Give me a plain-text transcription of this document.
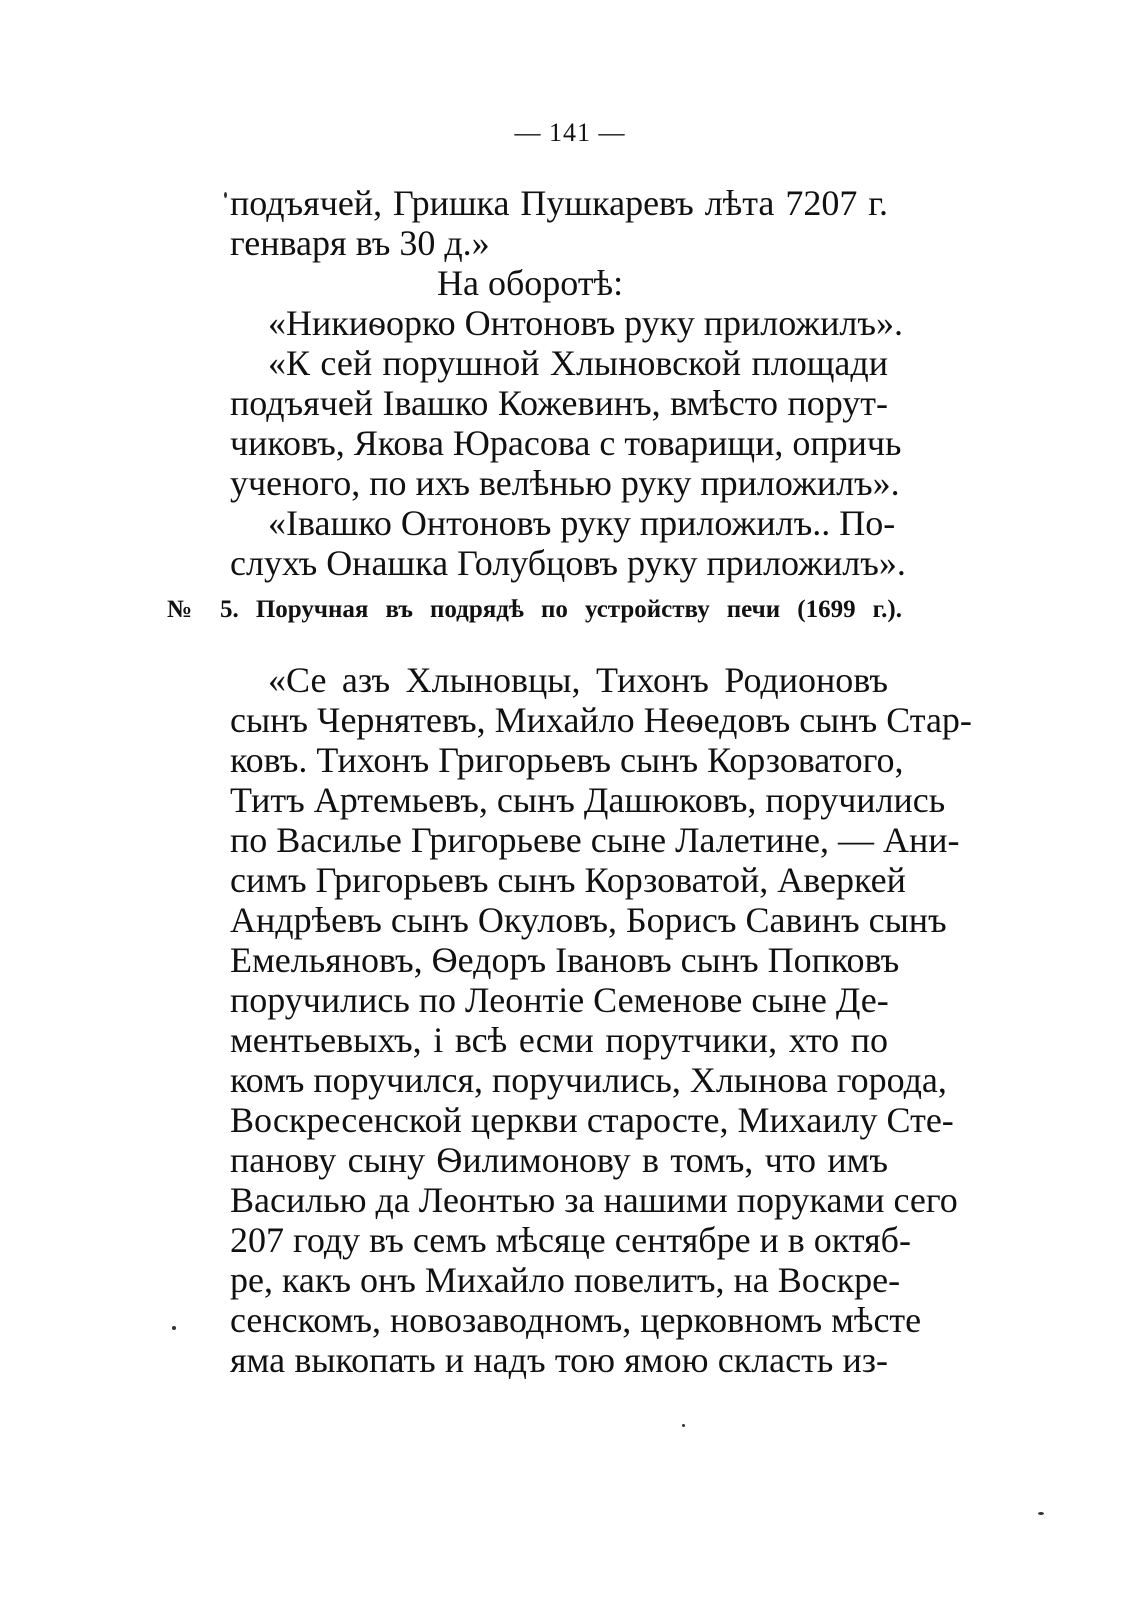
— 141 —
подъячей, Гришка Пушкаревъ лѣта 7207 г.
генваря въ 30 д.»
На оборотѣ:
«Никиѳорко Онтоновъ руку приложилъ».
«К сей порушной Хлыновской площади
подъячей Івашко Кожевинъ, вмѣсто порут-
чиковъ, Якова Юрасова с товарищи, опричь
ученого, по ихъ велѣнью руку приложилъ».
«Івашко Онтоновъ руку приложилъ.. По-
слухъ Онашка Голубцовъ руку приложилъ».
№ 5. Поручная въ подрядѣ по устройству печи (1699 г.).
«Се азъ Хлыновцы, Тихонъ Родионовъ
сынъ Чернятевъ, Михайло Неѳедовъ сынъ Стар-
ковъ. Тихонъ Григорьевъ сынъ Корзоватого,
Титъ Артемьевъ, сынъ Дашюковъ, поручились
по Василье Григорьеве сыне Лалетине, — Ани-
симъ Григорьевъ сынъ Корзоватой, Аверкей
Андрѣевъ сынъ Окуловъ, Борисъ Савинъ сынъ
Емельяновъ, Ѳедоръ Івановъ сынъ Попковъ
поручились по Леонтіе Семенове сыне Де-
ментьевыхъ, і всѣ есми порутчики, хто по
комъ поручился, поручились, Хлынова города,
Воскресенской церкви старосте, Михаилу Сте-
панову сыну Ѳилимонову в томъ, что имъ
Василью да Леонтью за нашими поруками сего
207 году въ семъ мѣсяце сентябре и в октяб-
ре, какъ онъ Михайло повелитъ, на Воскре-
сенскомъ, новозаводномъ, церковномъ мѣсте
яма выкопать и надъ тою ямою скласть из-
